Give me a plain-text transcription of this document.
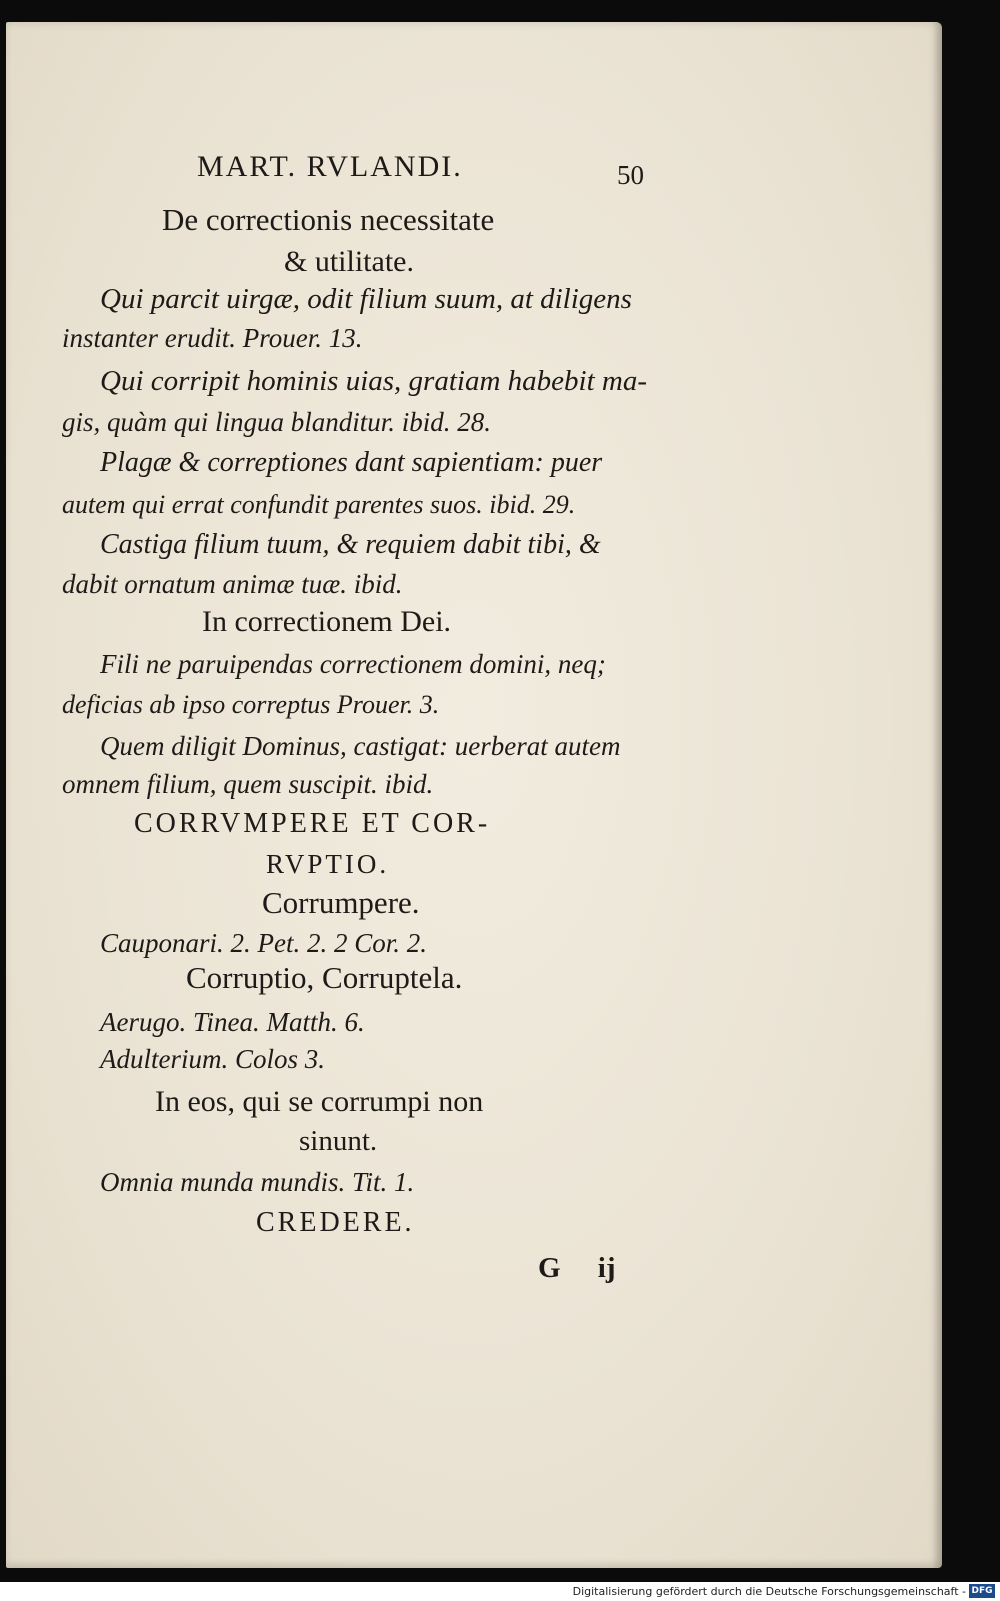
MART. RVLANDI.	50
De correctionis necessitate
& utilitate.
Qui parcit uirgæ, odit filium suum, at diligens
instanter erudit. Prouer. 13.
Qui corripit hominis uias, gratiam habebit ma-
gis, quàm qui lingua blanditur. ibid. 28.
Plagæ & correptiones dant sapientiam: puer
autem qui errat confundit parentes suos. ibid. 29.
Castiga filium tuum, & requiem dabit tibi, &
dabit ornatum animæ tuæ. ibid.
In correctionem Dei.
Fili ne paruipendas correctionem domini, neq;
deficias ab ipso correptus Prouer. 3.
Quem diligit Dominus, castigat: uerberat autem
omnem filium, quem suscipit. ibid.
CORRVMPERE ET COR-
RVPTIO.
Corrumpere.
Cauponari. 2. Pet. 2. 2 Cor. 2.
Corruptio, Corruptela.
Aerugo. Tinea. Matth. 6.
Adulterium. Colos 3.
In eos, qui se corrumpi non
sinunt.
Omnia munda mundis. Tit. 1.
CREDERE.
G ij
Digitalisierung gefördert durch die Deutsche Forschungsgemeinschaft - DFG
